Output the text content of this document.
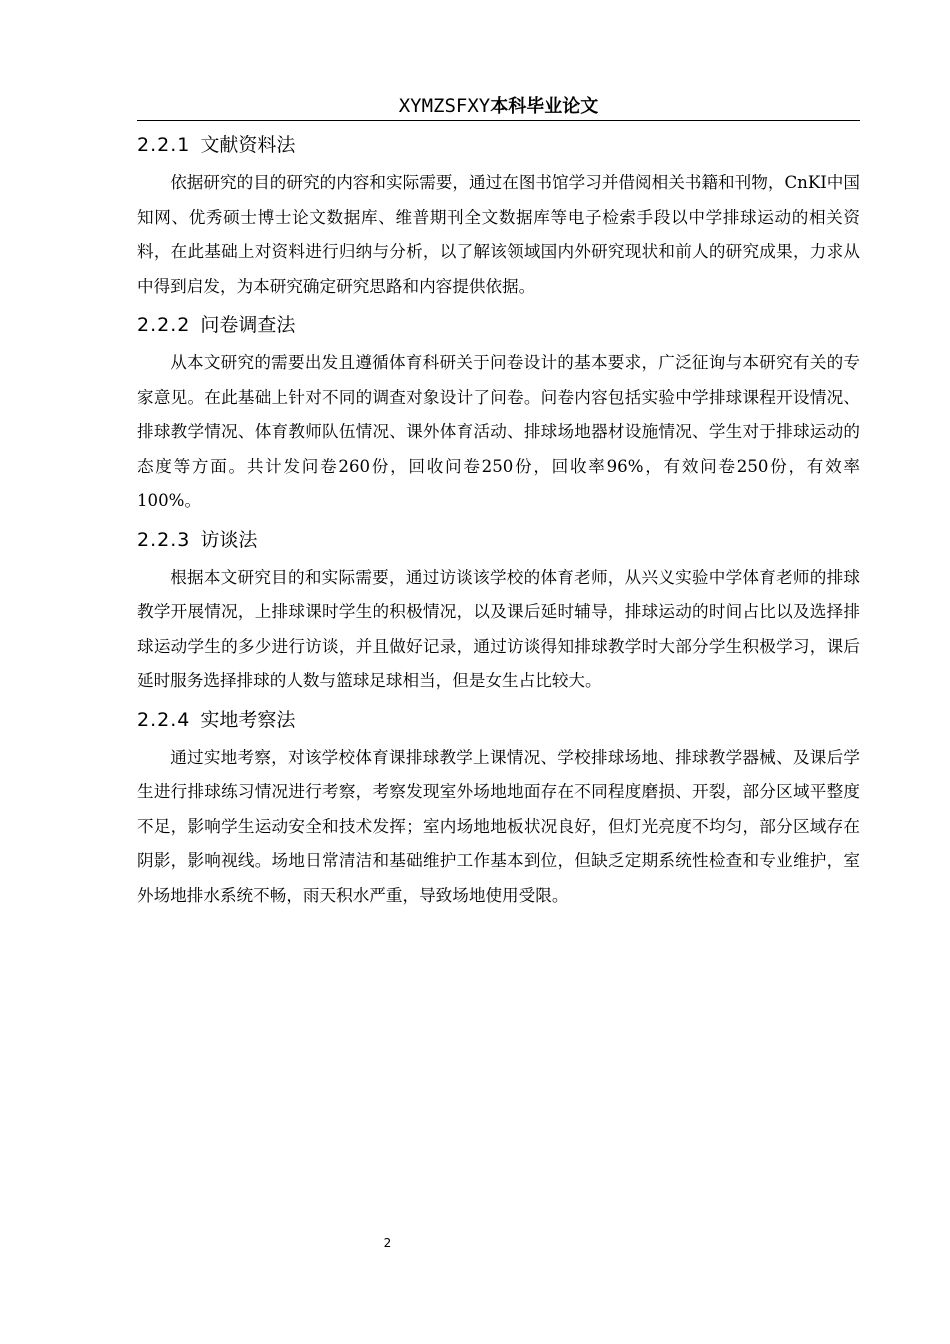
XYMZSFXY本科毕业论文
2.2.1 文献资料法

依据研究的目的研究的内容和实际需要，通过在图书馆学习并借阅相关书籍和刊物，CnKI中国知网、优秀硕士博士论文数据库、维普期刊全文数据库等电子检索手段以中学排球运动的相关资料，在此基础上对资料进行归纳与分析，以了解该领域国内外研究现状和前人的研究成果，力求从中得到启发，为本研究确定研究思路和内容提供依据。

2.2.2 问卷调查法

从本文研究的需要出发且遵循体育科研关于问卷设计的基本要求，广泛征询与本研究有关的专家意见。在此基础上针对不同的调查对象设计了问卷。问卷内容包括实验中学排球课程开设情况、排球教学情况、体育教师队伍情况、课外体育活动、排球场地器材设施情况、学生对于排球运动的态度等方面。共计发问卷260份，回收问卷250份，回收率96%，有效问卷250份，有效率100%。

2.2.3 访谈法

根据本文研究目的和实际需要，通过访谈该学校的体育老师，从兴义实验中学体育老师的排球教学开展情况，上排球课时学生的积极情况，以及课后延时辅导，排球运动的时间占比以及选择排球运动学生的多少进行访谈，并且做好记录，通过访谈得知排球教学时大部分学生积极学习，课后延时服务选择排球的人数与篮球足球相当，但是女生占比较大。

2.2.4 实地考察法

通过实地考察，对该学校体育课排球教学上课情况、学校排球场地、排球教学器械、及课后学生进行排球练习情况进行考察，考察发现室外场地地面存在不同程度磨损、开裂，部分区域平整度不足，影响学生运动安全和技术发挥；室内场地地板状况良好，但灯光亮度不均匀，部分区域存在阴影，影响视线。场地日常清洁和基础维护工作基本到位，但缺乏定期系统性检查和专业维护，室外场地排水系统不畅，雨天积水严重，导致场地使用受限。

2
